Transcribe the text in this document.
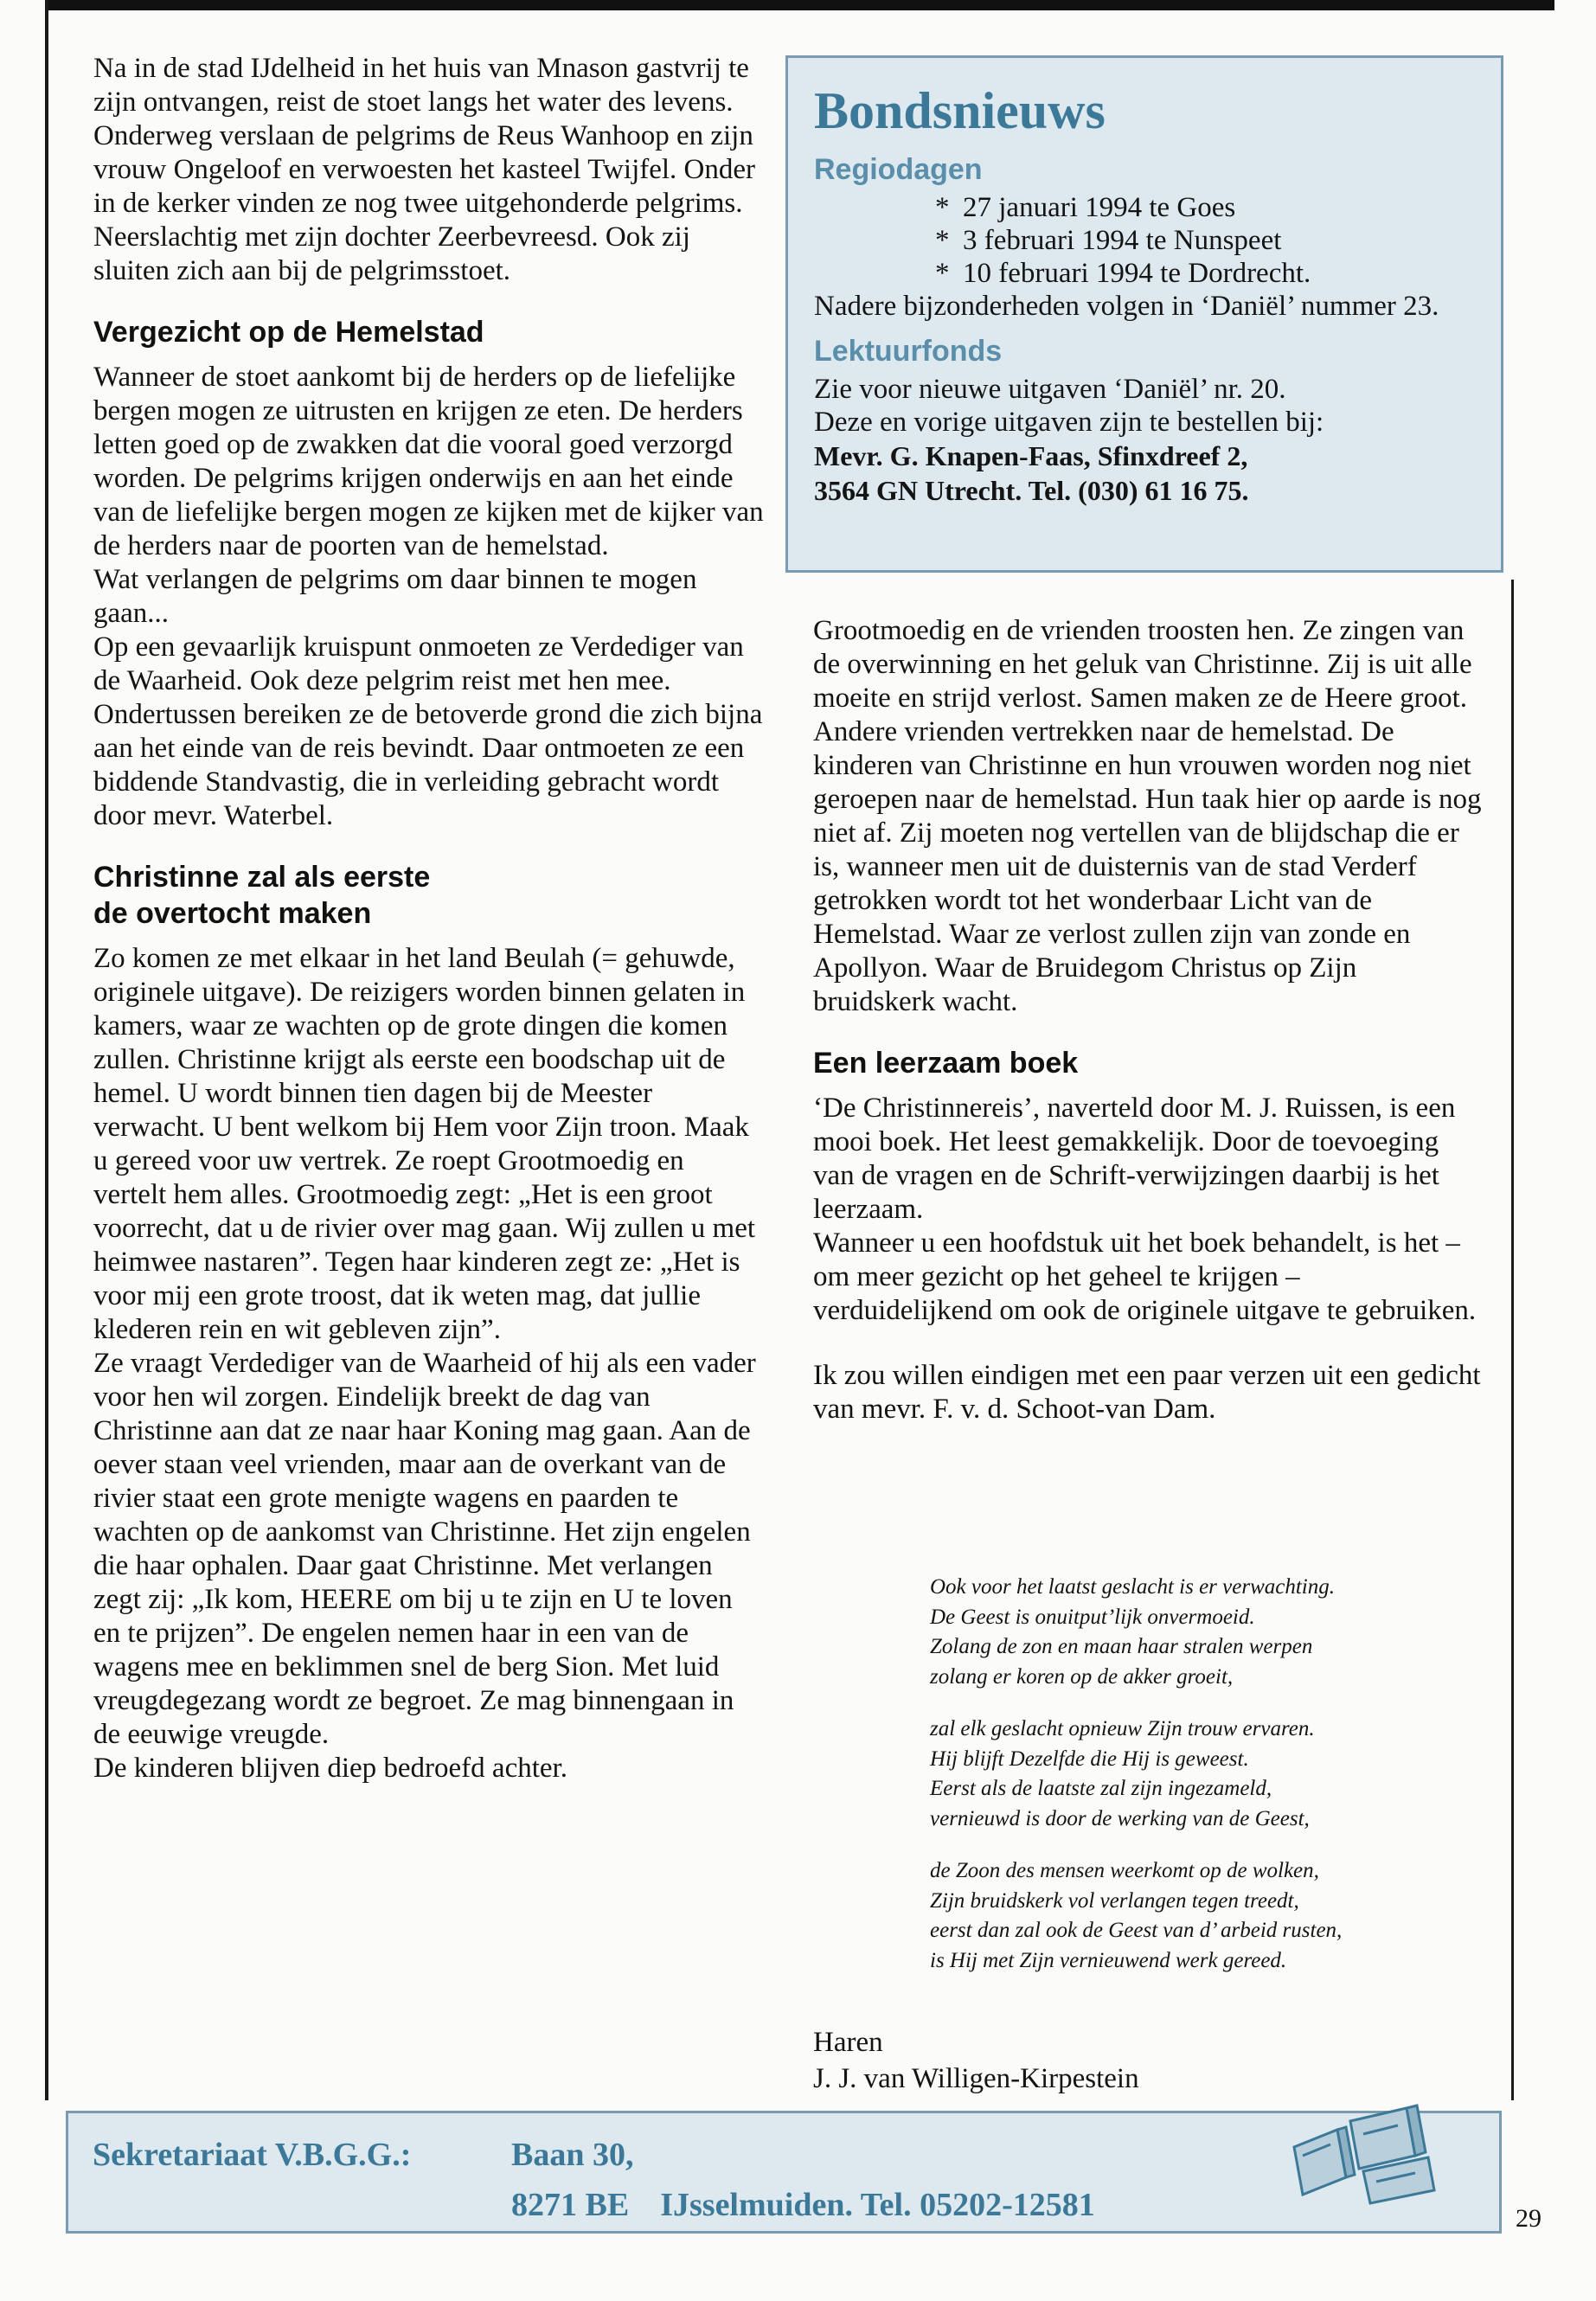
Na in de stad IJdelheid in het huis van Mnason gastvrij te zijn ontvangen, reist de stoet langs het water des levens. Onderweg verslaan de pelgrims de Reus Wanhoop en zijn vrouw Ongeloof en verwoesten het kasteel Twijfel. Onder in de kerker vinden ze nog twee uitgehonderde pelgrims. Neerslachtig met zijn dochter Zeerbevreesd. Ook zij sluiten zich aan bij de pelgrimsstoet.

Vergezicht op de Hemelstad

Wanneer de stoet aankomt bij de herders op de liefelijke bergen mogen ze uitrusten en krijgen ze eten. De herders letten goed op de zwakken dat die vooral goed verzorgd worden. De pelgrims krijgen onderwijs en aan het einde van de liefelijke bergen mogen ze kijken met de kijker van de herders naar de poorten van de hemelstad.

Wat verlangen de pelgrims om daar binnen te mogen gaan...

Op een gevaarlijk kruispunt onmoeten ze Verdediger van de Waarheid. Ook deze pelgrim reist met hen mee.

Ondertussen bereiken ze de betoverde grond die zich bijna aan het einde van de reis bevindt. Daar ontmoeten ze een biddende Standvastig, die in verleiding gebracht wordt door mevr. Waterbel.

Christinne zal als eerste
de overtocht maken

Zo komen ze met elkaar in het land Beulah (= gehuwde, originele uitgave). De reizigers worden binnen gelaten in kamers, waar ze wachten op de grote dingen die komen zullen. Christinne krijgt als eerste een boodschap uit de hemel. U wordt binnen tien dagen bij de Meester verwacht. U bent welkom bij Hem voor Zijn troon. Maak u gereed voor uw vertrek. Ze roept Grootmoedig en vertelt hem alles. Grootmoedig zegt: „Het is een groot voorrecht, dat u de rivier over mag gaan. Wij zullen u met heimwee nastaren”. Tegen haar kinderen zegt ze: „Het is voor mij een grote troost, dat ik weten mag, dat jullie klederen rein en wit gebleven zijn”.

Ze vraagt Verdediger van de Waarheid of hij als een vader voor hen wil zorgen. Eindelijk breekt de dag van Christinne aan dat ze naar haar Koning mag gaan. Aan de oever staan veel vrienden, maar aan de overkant van de rivier staat een grote menigte wagens en paarden te wachten op de aankomst van Christinne. Het zijn engelen die haar ophalen. Daar gaat Christinne. Met verlangen zegt zij: „Ik kom, HEERE om bij u te zijn en U te loven en te prijzen”. De engelen nemen haar in een van de wagens mee en beklimmen snel de berg Sion. Met luid vreugdegezang wordt ze begroet. Ze mag binnengaan in de eeuwige vreugde.

De kinderen blijven diep bedroefd achter.

Bondsnieuws
Regiodagen
* 27 januari 1994 te Goes
* 3 februari 1994 te Nunspeet
* 10 februari 1994 te Dordrecht.
Nadere bijzonderheden volgen in ‘Daniël’ nummer 23.
Lektuurfonds
Zie voor nieuwe uitgaven ‘Daniël’ nr. 20.
Deze en vorige uitgaven zijn te bestellen bij:
Mevr. G. Knapen-Faas, Sfinxdreef 2,
3564 GN Utrecht. Tel. (030) 61 16 75.

Grootmoedig en de vrienden troosten hen. Ze zingen van de overwinning en het geluk van Christinne. Zij is uit alle moeite en strijd verlost. Samen maken ze de Heere groot.

Andere vrienden vertrekken naar de hemelstad. De kinderen van Christinne en hun vrouwen worden nog niet geroepen naar de hemelstad. Hun taak hier op aarde is nog niet af. Zij moeten nog vertellen van de blijdschap die er is, wanneer men uit de duisternis van de stad Verderf getrokken wordt tot het wonderbaar Licht van de Hemelstad. Waar ze verlost zullen zijn van zonde en Apollyon. Waar de Bruidegom Christus op Zijn bruidskerk wacht.

Een leerzaam boek

‘De Christinnereis’, naverteld door M. J. Ruissen, is een mooi boek. Het leest gemakkelijk. Door de toevoeging van de vragen en de Schrift-verwijzingen daarbij is het leerzaam.

Wanneer u een hoofdstuk uit het boek behandelt, is het – om meer gezicht op het geheel te krijgen – verduidelijkend om ook de originele uitgave te gebruiken.

Ik zou willen eindigen met een paar verzen uit een gedicht van mevr. F. v. d. Schoot-van Dam.

Ook voor het laatst geslacht is er verwachting.
De Geest is onuitput’lijk onvermoeid.
Zolang de zon en maan haar stralen werpen
zolang er koren op de akker groeit,

zal elk geslacht opnieuw Zijn trouw ervaren.
Hij blijft Dezelfde die Hij is geweest.
Eerst als de laatste zal zijn ingezameld,
vernieuwd is door de werking van de Geest,

de Zoon des mensen weerkomt op de wolken,
Zijn bruidskerk vol verlangen tegen treedt,
eerst dan zal ook de Geest van d’ arbeid rusten,
is Hij met Zijn vernieuwend werk gereed.

Haren
J. J. van Willigen-Kirpestein
Sekretariaat V.B.G.G.:	Baan 30,
8271 BE IJsselmuiden. Tel. 05202-12581	29
